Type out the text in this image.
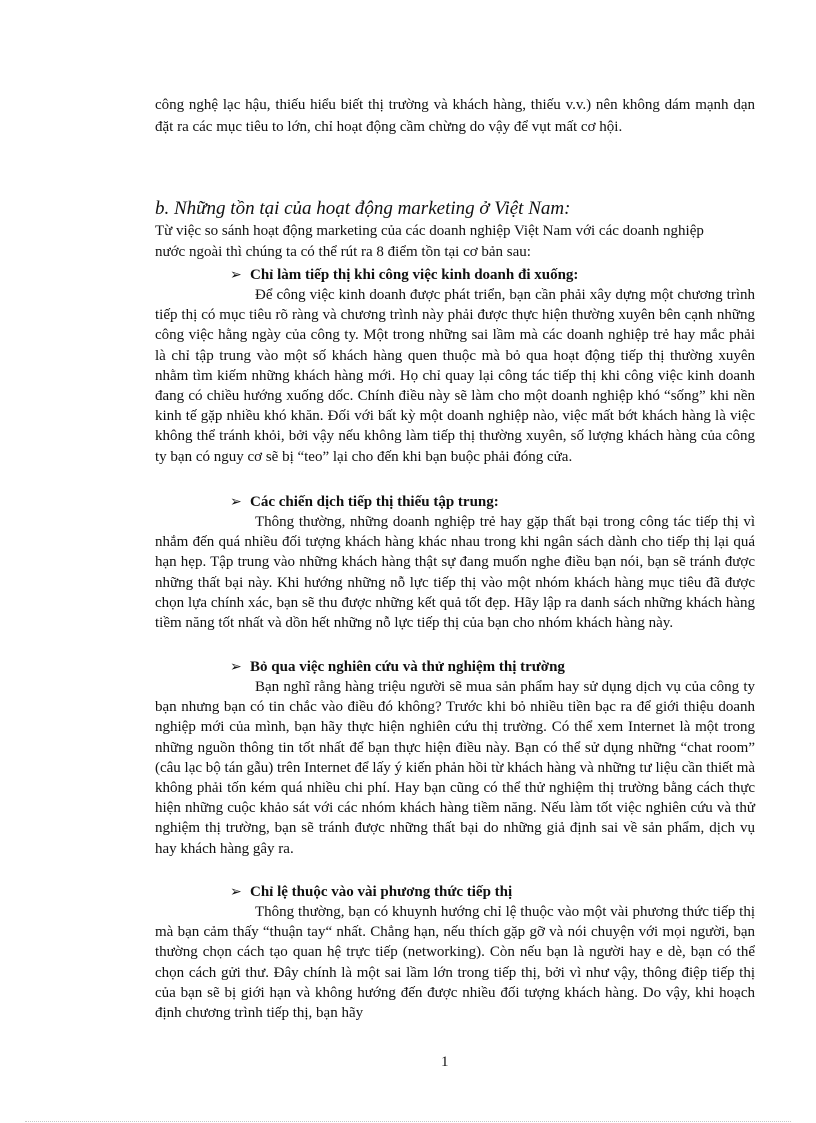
công nghệ lạc hậu, thiếu hiểu biết thị trường và khách hàng, thiếu v.v.) nên không dám mạnh dạn đặt ra các mục tiêu to lớn, chỉ hoạt động cầm chừng do vậy để vụt mất cơ hội.

b. Những tồn tại của hoạt động marketing ở Việt Nam:

Từ việc so sánh hoạt động marketing của các doanh nghiệp Việt Nam với các doanh nghiệp nước ngoài thì chúng ta có thể rút ra 8 điểm tồn tại cơ bản sau:

➢ Chỉ làm tiếp thị khi công việc kinh doanh đi xuống:

Để công việc kinh doanh được phát triển, bạn cần phải xây dựng một chương trình tiếp thị có mục tiêu rõ ràng và chương trình này phải được thực hiện thường xuyên bên cạnh những công việc hằng ngày của công ty. Một trong những sai lầm mà các doanh nghiệp trẻ hay mắc phải là chỉ tập trung vào một số khách hàng quen thuộc mà bỏ qua hoạt động tiếp thị thường xuyên nhằm tìm kiếm những khách hàng mới. Họ chỉ quay lại công tác tiếp thị khi công việc kinh doanh đang có chiều hướng xuống dốc. Chính điều này sẽ làm cho một doanh nghiệp khó “sống” khi nền kinh tế gặp nhiều khó khăn. Đối với bất kỳ một doanh nghiệp nào, việc mất bớt khách hàng là việc không thể tránh khỏi, bởi vậy nếu không làm tiếp thị thường xuyên, số lượng khách hàng của công ty bạn có nguy cơ sẽ bị “teo” lại cho đến khi bạn buộc phải đóng cửa.

➢ Các chiến dịch tiếp thị thiếu tập trung:

Thông thường, những doanh nghiệp trẻ hay gặp thất bại trong công tác tiếp thị vì nhắm đến quá nhiều đối tượng khách hàng khác nhau trong khi ngân sách dành cho tiếp thị lại quá hạn hẹp. Tập trung vào những khách hàng thật sự đang muốn nghe điều bạn nói, bạn sẽ tránh được những thất bại này. Khi hướng những nỗ lực tiếp thị vào một nhóm khách hàng mục tiêu đã được chọn lựa chính xác, bạn sẽ thu được những kết quả tốt đẹp. Hãy lập ra danh sách những khách hàng tiềm năng tốt nhất và dồn hết những nỗ lực tiếp thị của bạn cho nhóm khách hàng này.

➢ Bỏ qua việc nghiên cứu và thử nghiệm thị trường

Bạn nghĩ rằng hàng triệu người sẽ mua sản phẩm hay sử dụng dịch vụ của công ty bạn nhưng bạn có tin chắc vào điều đó không? Trước khi bỏ nhiều tiền bạc ra để giới thiệu doanh nghiệp mới của mình, bạn hãy thực hiện nghiên cứu thị trường. Có thể xem Internet là một trong những nguồn thông tin tốt nhất để bạn thực hiện điều này. Bạn có thể sử dụng những “chat room” (câu lạc bộ tán gẫu) trên Internet để lấy ý kiến phản hồi từ khách hàng và những tư liệu cần thiết mà không phải tốn kém quá nhiều chi phí. Hay bạn cũng có thể thử nghiệm thị trường bằng cách thực hiện những cuộc khảo sát với các nhóm khách hàng tiềm năng. Nếu làm tốt việc nghiên cứu và thử nghiệm thị trường, bạn sẽ tránh được những thất bại do những giả định sai về sản phẩm, dịch vụ hay khách hàng gây ra.

➢ Chỉ lệ thuộc vào vài phương thức tiếp thị

Thông thường, bạn có khuynh hướng chỉ lệ thuộc vào một vài phương thức tiếp thị mà bạn cảm thấy “thuận tay“ nhất. Chẳng hạn, nếu thích gặp gỡ và nói chuyện với mọi người, bạn thường chọn cách tạo quan hệ trực tiếp (networking). Còn nếu bạn là người hay e dè, bạn có thể chọn cách gửi thư. Đây chính là một sai lầm lớn trong tiếp thị, bởi vì như vậy, thông điệp tiếp thị của bạn sẽ bị giới hạn và không hướng đến được nhiều đối tượng khách hàng. Do vậy, khi hoạch định chương trình tiếp thị, bạn hãy

1
